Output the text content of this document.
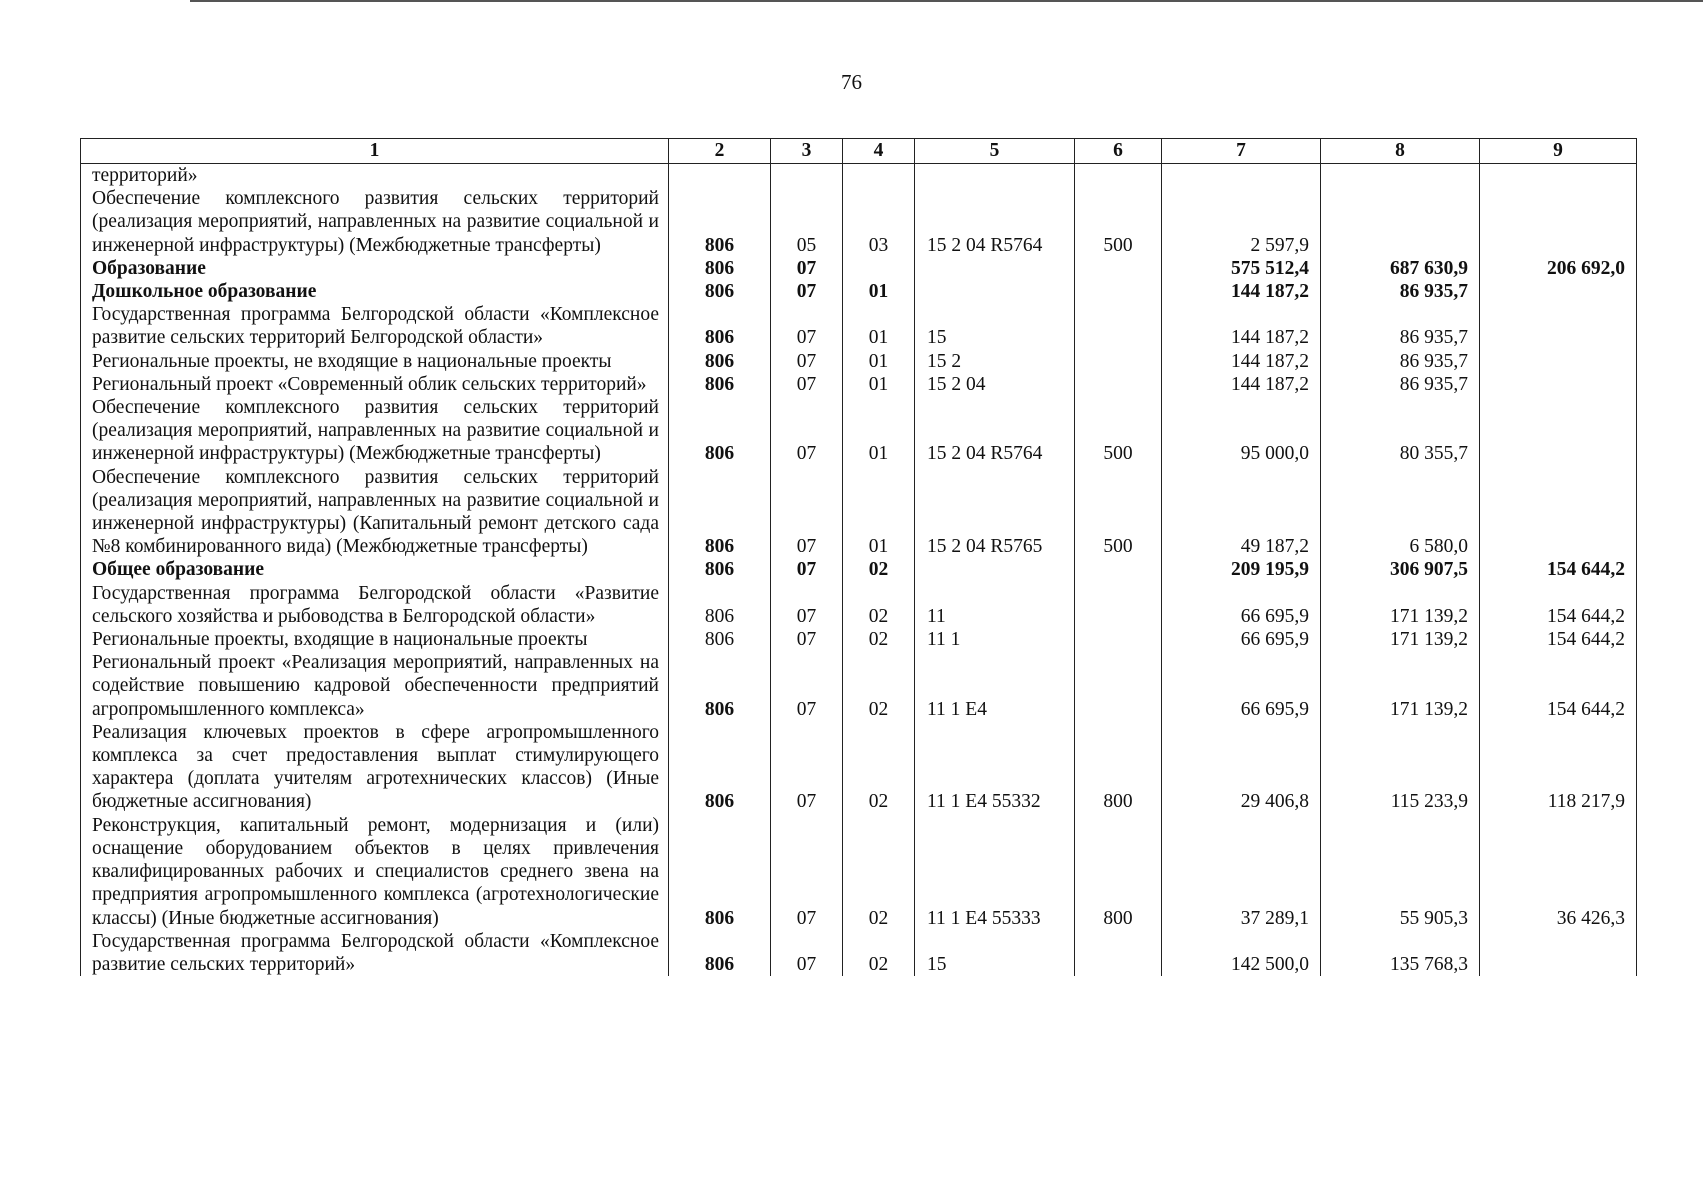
76
1	2	3	4	5	6	7	8	9
территорий»								
Обеспечение комплексного развития сельских территорий (реализация мероприятий, направленных на развитие социальной и инженерной инфраструктуры) (Межбюджетные трансферты)	806	05	03	15 2 04 R5764	500	2 597,9		
Образование	806	07				575 512,4	687 630,9	206 692,0
Дошкольное образование	806	07	01			144 187,2	86 935,7	
Государственная программа Белгородской области «Комплексное развитие сельских территорий Белгородской области»	806	07	01	15		144 187,2	86 935,7	
Региональные проекты, не входящие в национальные проекты	806	07	01	15 2		144 187,2	86 935,7	
Региональный проект «Современный облик сельских территорий»	806	07	01	15 2 04		144 187,2	86 935,7	
Обеспечение комплексного развития сельских территорий (реализация мероприятий, направленных на развитие социальной и инженерной инфраструктуры) (Межбюджетные трансферты)	806	07	01	15 2 04 R5764	500	95 000,0	80 355,7	
Обеспечение комплексного развития сельских территорий (реализация мероприятий, направленных на развитие социальной и инженерной инфраструктуры) (Капитальный ремонт детского сада №8 комбинированного вида) (Межбюджетные трансферты)	806	07	01	15 2 04 R5765	500	49 187,2	6 580,0	
Общее образование	806	07	02			209 195,9	306 907,5	154 644,2
Государственная программа Белгородской области «Развитие сельского хозяйства и рыбоводства в Белгородской области»	806	07	02	11		66 695,9	171 139,2	154 644,2
Региональные проекты, входящие в национальные проекты	806	07	02	11 1		66 695,9	171 139,2	154 644,2
Региональный проект «Реализация мероприятий, направленных на содействие повышению кадровой обеспеченности предприятий агропромышленного комплекса»	806	07	02	11 1 E4		66 695,9	171 139,2	154 644,2
Реализация ключевых проектов в сфере агропромышленного комплекса за счет предоставления выплат стимулирующего характера (доплата учителям агротехнических классов) (Иные бюджетные ассигнования)	806	07	02	11 1 E4 55332	800	29 406,8	115 233,9	118 217,9
Реконструкция, капитальный ремонт, модернизация и (или) оснащение оборудованием объектов в целях привлечения квалифицированных рабочих и специалистов среднего звена на предприятия агропромышленного комплекса (агротехнологические классы) (Иные бюджетные ассигнования)	806	07	02	11 1 E4 55333	800	37 289,1	55 905,3	36 426,3
Государственная программа Белгородской области «Комплексное развитие сельских территорий»	806	07	02	15		142 500,0	135 768,3	
